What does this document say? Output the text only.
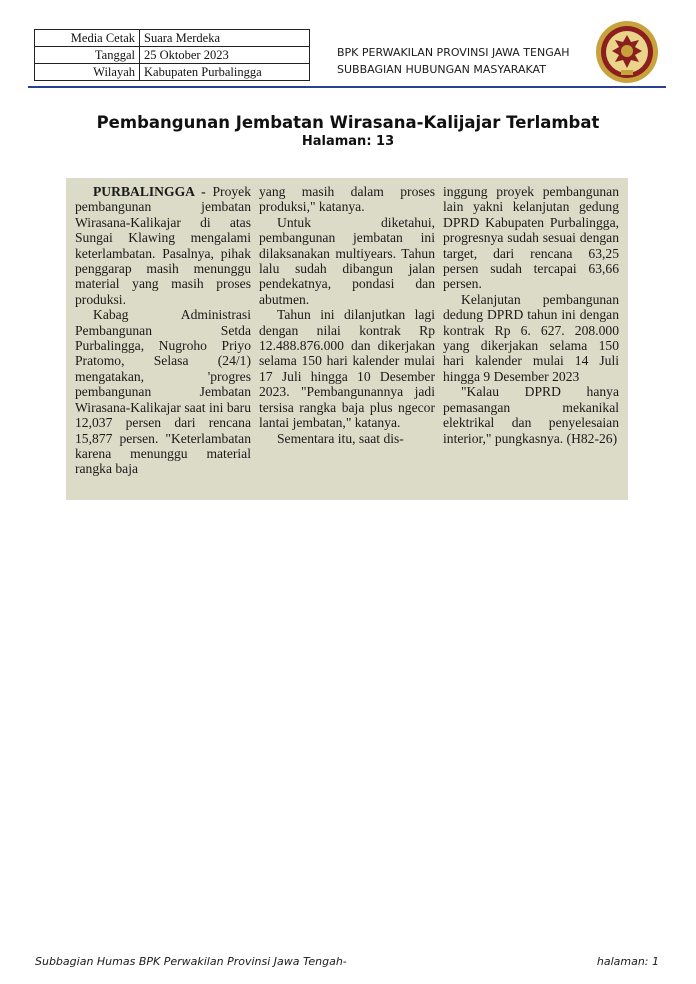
Media Cetak	Suara Merdeka
Tanggal	25 Oktober 2023
Wilayah	Kabupaten Purbalingga
BPK PERWAKILAN PROVINSI JAWA TENGAH
SUBBAGIAN HUBUNGAN MASYARAKAT
Pembangunan Jembatan Wirasana-Kalijajar Terlambat
Halaman: 13

PURBALINGGA - Proyek pembangunan jembatan Wirasana-Kalikajar di atas Sungai Klawing mengalami keterlambatan. Pasalnya, pihak penggarap masih menunggu material yang masih proses produksi.

Kabag Administrasi Pembangunan Setda Purbalingga, Nugroho Priyo Pratomo, Selasa (24/1) mengatakan, 'progres pembangunan Jembatan Wirasana-Kalikajar saat ini baru 12,037 persen dari rencana 15,877 persen. "Keterlambatan karena menunggu material rangka baja

yang masih dalam proses produksi," katanya.

Untuk diketahui, pembangunan jembatan ini dilaksanakan multiyears. Tahun lalu sudah dibangun jalan pendekatnya, pondasi dan abutmen.

Tahun ini dilanjutkan lagi dengan nilai kontrak Rp 12.488.876.000 dan dikerjakan selama 150 hari kalender mulai 17 Juli hingga 10 Desember 2023. "Pembangunannya jadi tersisa rangka baja plus ngecor lantai jembatan," katanya.

Sementara itu, saat dis-

inggung proyek pembangunan lain yakni kelanjutan gedung DPRD Kabupaten Purbalingga, progresnya sudah sesuai dengan target, dari rencana 63,25 persen sudah tercapai 63,66 persen.

Kelanjutan pembangunan dedung DPRD tahun ini dengan kontrak Rp 6. 627. 208.000 yang dikerjakan selama 150 hari kalender mulai 14 Juli hingga 9 Desember 2023

"Kalau DPRD hanya pemasangan mekanikal elektrikal dan penyelesaian interior," pungkasnya. (H82-26)

Subbagian Humas BPK Perwakilan Provinsi Jawa Tengah-	halaman: 1
